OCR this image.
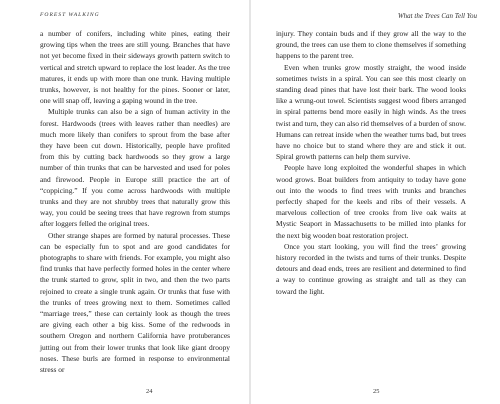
FOREST WALKING

a number of conifers, including white pines, eating their growing tips when the trees are still young. Branches that have not yet become fixed in their sideways growth pattern switch to vertical and stretch upward to replace the lost leader. As the tree matures, it ends up with more than one trunk. Having multiple trunks, however, is not healthy for the pines. Sooner or later, one will snap off, leaving a gaping wound in the tree.

Multiple trunks can also be a sign of human activity in the forest. Hardwoods (trees with leaves rather than needles) are much more likely than conifers to sprout from the base after they have been cut down. Historically, people have profited from this by cutting back hardwoods so they grow a large number of thin trunks that can be harvested and used for poles and firewood. People in Europe still practice the art of “coppicing.” If you come across hardwoods with multiple trunks and they are not shrubby trees that naturally grow this way, you could be seeing trees that have regrown from stumps after loggers felled the original trees.

Other strange shapes are formed by natural processes. These can be especially fun to spot and are good candidates for photographs to share with friends. For example, you might also find trunks that have perfectly formed holes in the center where the trunk started to grow, split in two, and then the two parts rejoined to create a single trunk again. Or trunks that fuse with the trunks of trees growing next to them. Sometimes called “marriage trees,” these can certainly look as though the trees are giving each other a big kiss. Some of the redwoods in southern Oregon and northern California have protuberances jutting out from their lower trunks that look like giant droopy noses. These burls are formed in response to environmental stress or

24
What the Trees Can Tell You

injury. They contain buds and if they grow all the way to the ground, the trees can use them to clone themselves if something happens to the parent tree.

Even when trunks grow mostly straight, the wood inside sometimes twists in a spiral. You can see this most clearly on standing dead pines that have lost their bark. The wood looks like a wrung-out towel. Scientists suggest wood fibers arranged in spiral patterns bend more easily in high winds. As the trees twist and turn, they can also rid themselves of a burden of snow. Humans can retreat inside when the weather turns bad, but trees have no choice but to stand where they are and stick it out. Spiral growth patterns can help them survive.

People have long exploited the wonderful shapes in which wood grows. Boat builders from antiquity to today have gone out into the woods to find trees with trunks and branches perfectly shaped for the keels and ribs of their vessels. A marvelous collection of tree crooks from live oak waits at Mystic Seaport in Massachusetts to be milled into planks for the next big wooden boat restoration project.

Once you start looking, you will find the trees’ growing history recorded in the twists and turns of their trunks. Despite detours and dead ends, trees are resilient and determined to find a way to continue growing as straight and tall as they can toward the light.

25
